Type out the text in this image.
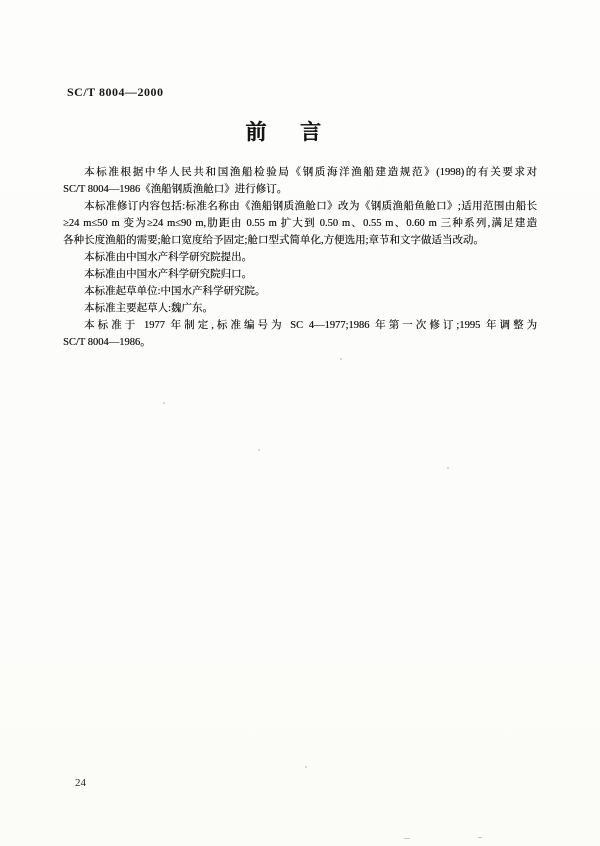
SC/T 8004—2000
前言
本标准根据中华人民共和国渔船检验局《钢质海洋渔船建造规范》(1998)的有关要求对
SC/T 8004—1986《渔船钢质渔舱口》进行修订。
本标准修订内容包括:标准名称由《渔船钢质渔舱口》改为《钢质渔船鱼舱口》;适用范围由船长
≥24 m≤50 m 变为≥24 m≤90 m,肋距由 0.55 m 扩大到 0.50 m、0.55 m、0.60 m 三种系列,满足建造
各种长度渔船的需要;舱口宽度给予固定;舱口型式简单化,方便选用;章节和文字做适当改动。
本标准由中国水产科学研究院提出。
本标准由中国水产科学研究院归口。
本标准起草单位:中国水产科学研究院。
本标准主要起草人:魏广东。
本标准于 1977 年制定,标准编号为 SC 4—1977;1986 年第一次修订;1995 年调整为
SC/T 8004—1986。
24
